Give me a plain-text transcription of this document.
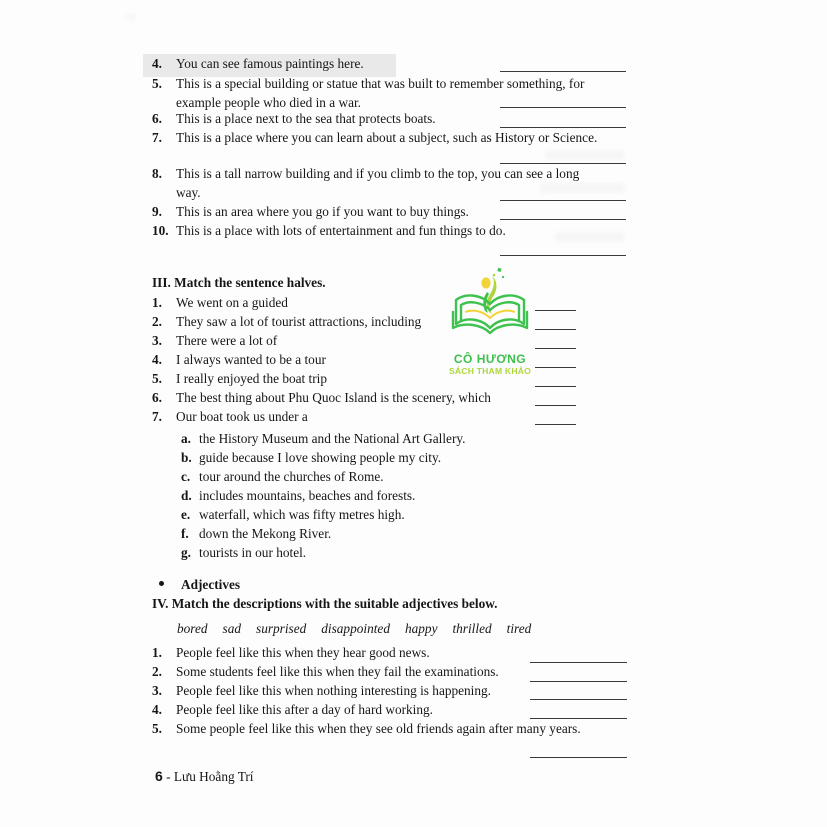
CÔ HƯƠNG
SÁCH THAM KHẢO
4. You can see famous paintings here.
5. This is a special building or statue that was built to remember something, for
example people who died in a war.
6. This is a place next to the sea that protects boats.
7. This is a place where you can learn about a subject, such as History or Science.
8. This is a tall narrow building and if you climb to the top, you can see a long
way.
9. This is an area where you go if you want to buy things.
10. This is a place with lots of entertainment and fun things to do.
III. Match the sentence halves.
1. We went on a guided
2. They saw a lot of tourist attractions, including
3. There were a lot of
4. I always wanted to be a tour
5. I really enjoyed the boat trip
6. The best thing about Phu Quoc Island is the scenery, which
7. Our boat took us under a
a. the History Museum and the National Art Gallery.
b. guide because I love showing people my city.
c. tour around the churches of Rome.
d. includes mountains, beaches and forests.
e. waterfall, which was fifty metres high.
f. down the Mekong River.
g. tourists in our hotel.
Adjectives
IV. Match the descriptions with the suitable adjectives below.
bored sad surprised disappointed happy thrilled tired
1. People feel like this when they hear good news.
2. Some students feel like this when they fail the examinations.
3. People feel like this when nothing interesting is happening.
4. People feel like this after a day of hard working.
5. Some people feel like this when they see old friends again after many years.
6 - Lưu Hoằng Trí
